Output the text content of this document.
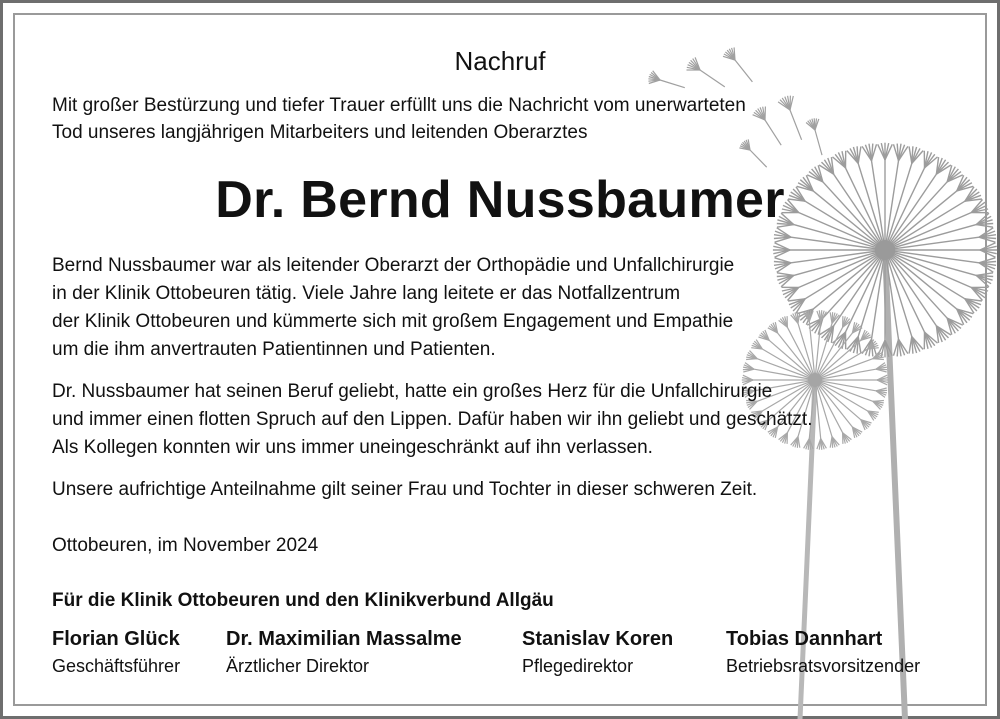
Nachruf
Mit großer Bestürzung und tiefer Trauer erfüllt uns die Nachricht vom unerwarteten
Tod unseres langjährigen Mitarbeiters und leitenden Oberarztes
Dr. Bernd Nussbaumer
Bernd Nussbaumer war als leitender Oberarzt der Orthopädie und Unfallchirurgie
in der Klinik Ottobeuren tätig. Viele Jahre lang leitete er das Notfallzentrum
der Klinik Ottobeuren und kümmerte sich mit großem Engagement und Empathie
um die ihm anvertrauten Patientinnen und Patienten.
Dr. Nussbaumer hat seinen Beruf geliebt, hatte ein großes Herz für die Unfallchirurgie
und immer einen flotten Spruch auf den Lippen. Dafür haben wir ihn geliebt und geschätzt.
Als Kollegen konnten wir uns immer uneingeschränkt auf ihn verlassen.
Unsere aufrichtige Anteilnahme gilt seiner Frau und Tochter in dieser schweren Zeit.
Ottobeuren, im November 2024
Für die Klinik Ottobeuren und den Klinikverbund Allgäu
Florian Glück
Geschäftsführer
Dr. Maximilian Massalme
Ärztlicher Direktor
Stanislav Koren
Pflegedirektor
Tobias Dannhart
Betriebsratsvorsitzender
